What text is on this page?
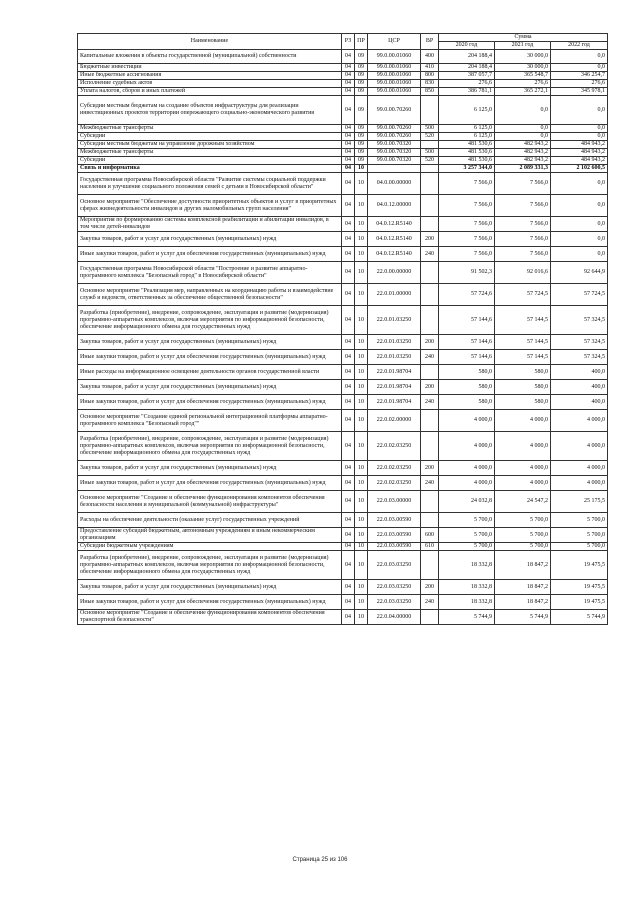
Наименование	РЗ	ПР	ЦСР	ВР	Сумма		
					2020 год	2021 год	2022 год
Капитальные вложения в объекты государственной (муниципальной) собственности	04	09	99.0.00.01060	400	204 188,4	30 000,0	0,0
Бюджетные инвестиции	04	09	99.0.00.01060	410	204 188,4	30 000,0	0,0
Иные бюджетные ассигнования	04	09	99.0.00.01060	800	387 057,7	365 548,7	346 254,7
Исполнение судебных актов	04	09	99.0.00.01060	830	276,6	276,6	276,6
Уплата налогов, сборов и иных платежей	04	09	99.0.00.01060	850	386 781,1	365 272,1	345 978,1
Субсидии местным бюджетам на создание объектов инфраструктуры для реализации инвестиционных проектов территории опережающего социально-экономического развития	04	09	99.0.00.70260		6 125,0	0,0	0,0
Межбюджетные трансферты	04	09	99.0.00.70260	500	6 125,0	0,0	0,0
Субсидии	04	09	99.0.00.70260	520	6 125,0	0,0	0,0
Субсидии местным бюджетам на управление дорожным хозяйством	04	09	99.0.00.70320		481 530,6	482 943,2	484 943,2
Межбюджетные трансферты	04	09	99.0.00.70320	500	481 530,6	482 943,2	484 943,2
Субсидии	04	09	99.0.00.70320	520	481 530,6	482 943,2	484 943,2
Связь и информатика	04	10			3 257 344,0	2 089 331,3	2 102 600,5
Государственная программа Новосибирской области "Развитие системы социальной поддержки населения и улучшение социального положения семей с детьми в Новосибирской области"	04	10	04.0.00.00000		7 566,0	7 566,0	0,0
Основное мероприятие "Обеспечение доступности приоритетных объектов и услуг в приоритетных сферах жизнедеятельности инвалидов и других маломобильных групп населения"	04	10	04.0.12.00000		7 566,0	7 566,0	0,0
Мероприятия по формированию системы комплексной реабилитации и абилитации инвалидов, в том числе детей-инвалидов	04	10	04.0.12.R5140		7 566,0	7 566,0	0,0
Закупка товаров, работ и услуг для государственных (муниципальных) нужд	04	10	04.0.12.R5140	200	7 566,0	7 566,0	0,0
Иные закупки товаров, работ и услуг для обеспечения государственных (муниципальных) нужд	04	10	04.0.12.R5140	240	7 566,0	7 566,0	0,0
Государственная программа Новосибирской области "Построение и развитие аппаратно-программного комплекса "Безопасный город" в Новосибирской области"	04	10	22.0.00.00000		91 502,3	92 016,6	92 644,9
Основное мероприятие "Реализация мер, направленных на координацию работы и взаимодействие служб и ведомств, ответственных за обеспечение общественной безопасности"	04	10	22.0.01.00000		57 724,6	57 724,5	57 724,5
Разработка (приобретение), внедрение, сопровождение, эксплуатация и развитие (модернизация) программно-аппаратных комплексов, включая мероприятия по информационной безопасности, обеспечение информационного обмена для государственных нужд	04	10	22.0.01.03250		57 144,6	57 144,5	57 324,5
Закупка товаров, работ и услуг для государственных (муниципальных) нужд	04	10	22.0.01.03250	200	57 144,6	57 144,5	57 324,5
Иные закупки товаров, работ и услуг для обеспечения государственных (муниципальных) нужд	04	10	22.0.01.03250	240	57 144,6	57 144,5	57 324,5
Иные расходы на информационное освещение деятельности органов государственной власти	04	10	22.0.01.98704		580,0	580,0	400,0
Закупка товаров, работ и услуг для государственных (муниципальных) нужд	04	10	22.0.01.98704	200	580,0	580,0	400,0
Иные закупки товаров, работ и услуг для обеспечения государственных (муниципальных) нужд	04	10	22.0.01.98704	240	580,0	580,0	400,0
Основное мероприятие "Создание единой региональной интеграционной платформы аппаратно-программного комплекса "Безопасный город""	04	10	22.0.02.00000		4 000,0	4 000,0	4 000,0
Разработка (приобретение), внедрение, сопровождение, эксплуатация и развитие (модернизация) программно-аппаратных комплексов, включая мероприятия по информационной безопасности, обеспечение информационного обмена для государственных нужд	04	10	22.0.02.03250		4 000,0	4 000,0	4 000,0
Закупка товаров, работ и услуг для государственных (муниципальных) нужд	04	10	22.0.02.03250	200	4 000,0	4 000,0	4 000,0
Иные закупки товаров, работ и услуг для обеспечения государственных (муниципальных) нужд	04	10	22.0.02.03250	240	4 000,0	4 000,0	4 000,0
Основное мероприятие "Создание и обеспечение функционирования компонентов обеспечения безопасности населения и муниципальной (коммунальной) инфраструктуры"	04	10	22.0.03.00000		24 032,8	24 547,2	25 175,5
Расходы на обеспечение деятельности (оказание услуг) государственных учреждений	04	10	22.0.03.00590		5 700,0	5 700,0	5 700,0
Предоставление субсидий бюджетным, автономным учреждениям и иным некоммерческим организациям	04	10	22.0.03.00590	600	5 700,0	5 700,0	5 700,0
Субсидии бюджетным учреждениям	04	10	22.0.03.00590	610	5 700,0	5 700,0	5 700,0
Разработка (приобретение), внедрение, сопровождение, эксплуатация и развитие (модернизация) программно-аппаратных комплексов, включая мероприятия по информационной безопасности, обеспечение информационного обмена для государственных нужд	04	10	22.0.03.03250		18 332,8	18 847,2	19 475,5
Закупка товаров, работ и услуг для государственных (муниципальных) нужд	04	10	22.0.03.03250	200	18 332,8	18 847,2	19 475,5
Иные закупки товаров, работ и услуг для обеспечения государственных (муниципальных) нужд	04	10	22.0.03.03250	240	18 332,8	18 847,2	19 475,5
Основное мероприятие "Создание и обеспечение функционирования компонентов обеспечения транспортной безопасности"	04	10	22.0.04.00000		5 744,9	5 744,9	5 744,9
Страница 25 из 106
